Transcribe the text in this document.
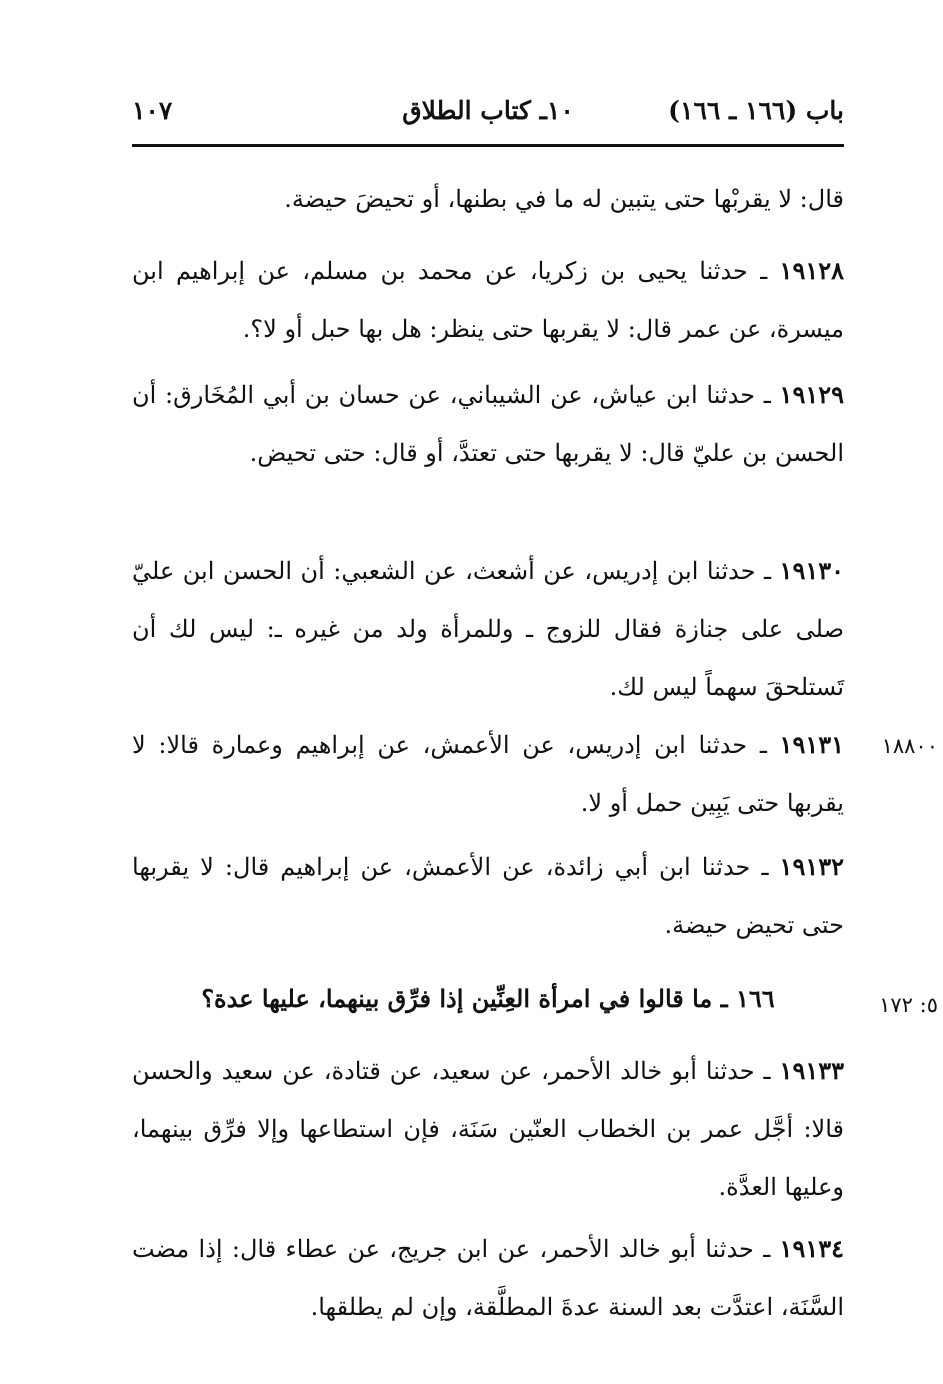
باب (١٦٦ ـ ١٦٦)
١٠ـ كتاب الطلاق
١٠٧

قال: لا يقربْها حتى يتبين له ما في بطنها، أو تحيضَ حيضة.

١٩١٢٨ ـ حدثنا يحيى بن زكريا، عن محمد بن مسلم، عن إبراهيم ابن ميسرة، عن عمر قال: لا يقربها حتى ينظر: هل بها حبل أو لا؟.

١٩١٢٩ ـ حدثنا ابن عياش، عن الشيباني، عن حسان بن أبي المُخَارق: أن الحسن بن عليّ قال: لا يقربها حتى تعتدَّ، أو قال: حتى تحيض.

١٩١٣٠ ـ حدثنا ابن إدريس، عن أشعث، عن الشعبي: أن الحسن ابن عليّ صلى على جنازة فقال للزوج ـ وللمرأة ولد من غيره ـ: ليس لك أن تَستلحقَ سهماً ليس لك.

١٨٨٠٠

١٩١٣١ ـ حدثنا ابن إدريس، عن الأعمش، عن إبراهيم وعمارة قالا: لا يقربها حتى يَبِين حمل أو لا.

١٩١٣٢ ـ حدثنا ابن أبي زائدة، عن الأعمش، عن إبراهيم قال: لا يقربها حتى تحيض حيضة.

٥: ١٧٢
١٦٦ ـ ما قالوا في امرأة العِنِّين إذا فرِّق بينهما، عليها عدة؟

١٩١٣٣ ـ حدثنا أبو خالد الأحمر، عن سعيد، عن قتادة، عن سعيد والحسن قالا: أجَّل عمر بن الخطاب العنّين سَنَة، فإن استطاعها وإلا فرِّق بينهما، وعليها العدَّة.

١٩١٣٤ ـ حدثنا أبو خالد الأحمر، عن ابن جريج، عن عطاء قال: إذا مضت السَّنَة، اعتدَّت بعد السنة عدةَ المطلَّقة، وإن لم يطلقها.
